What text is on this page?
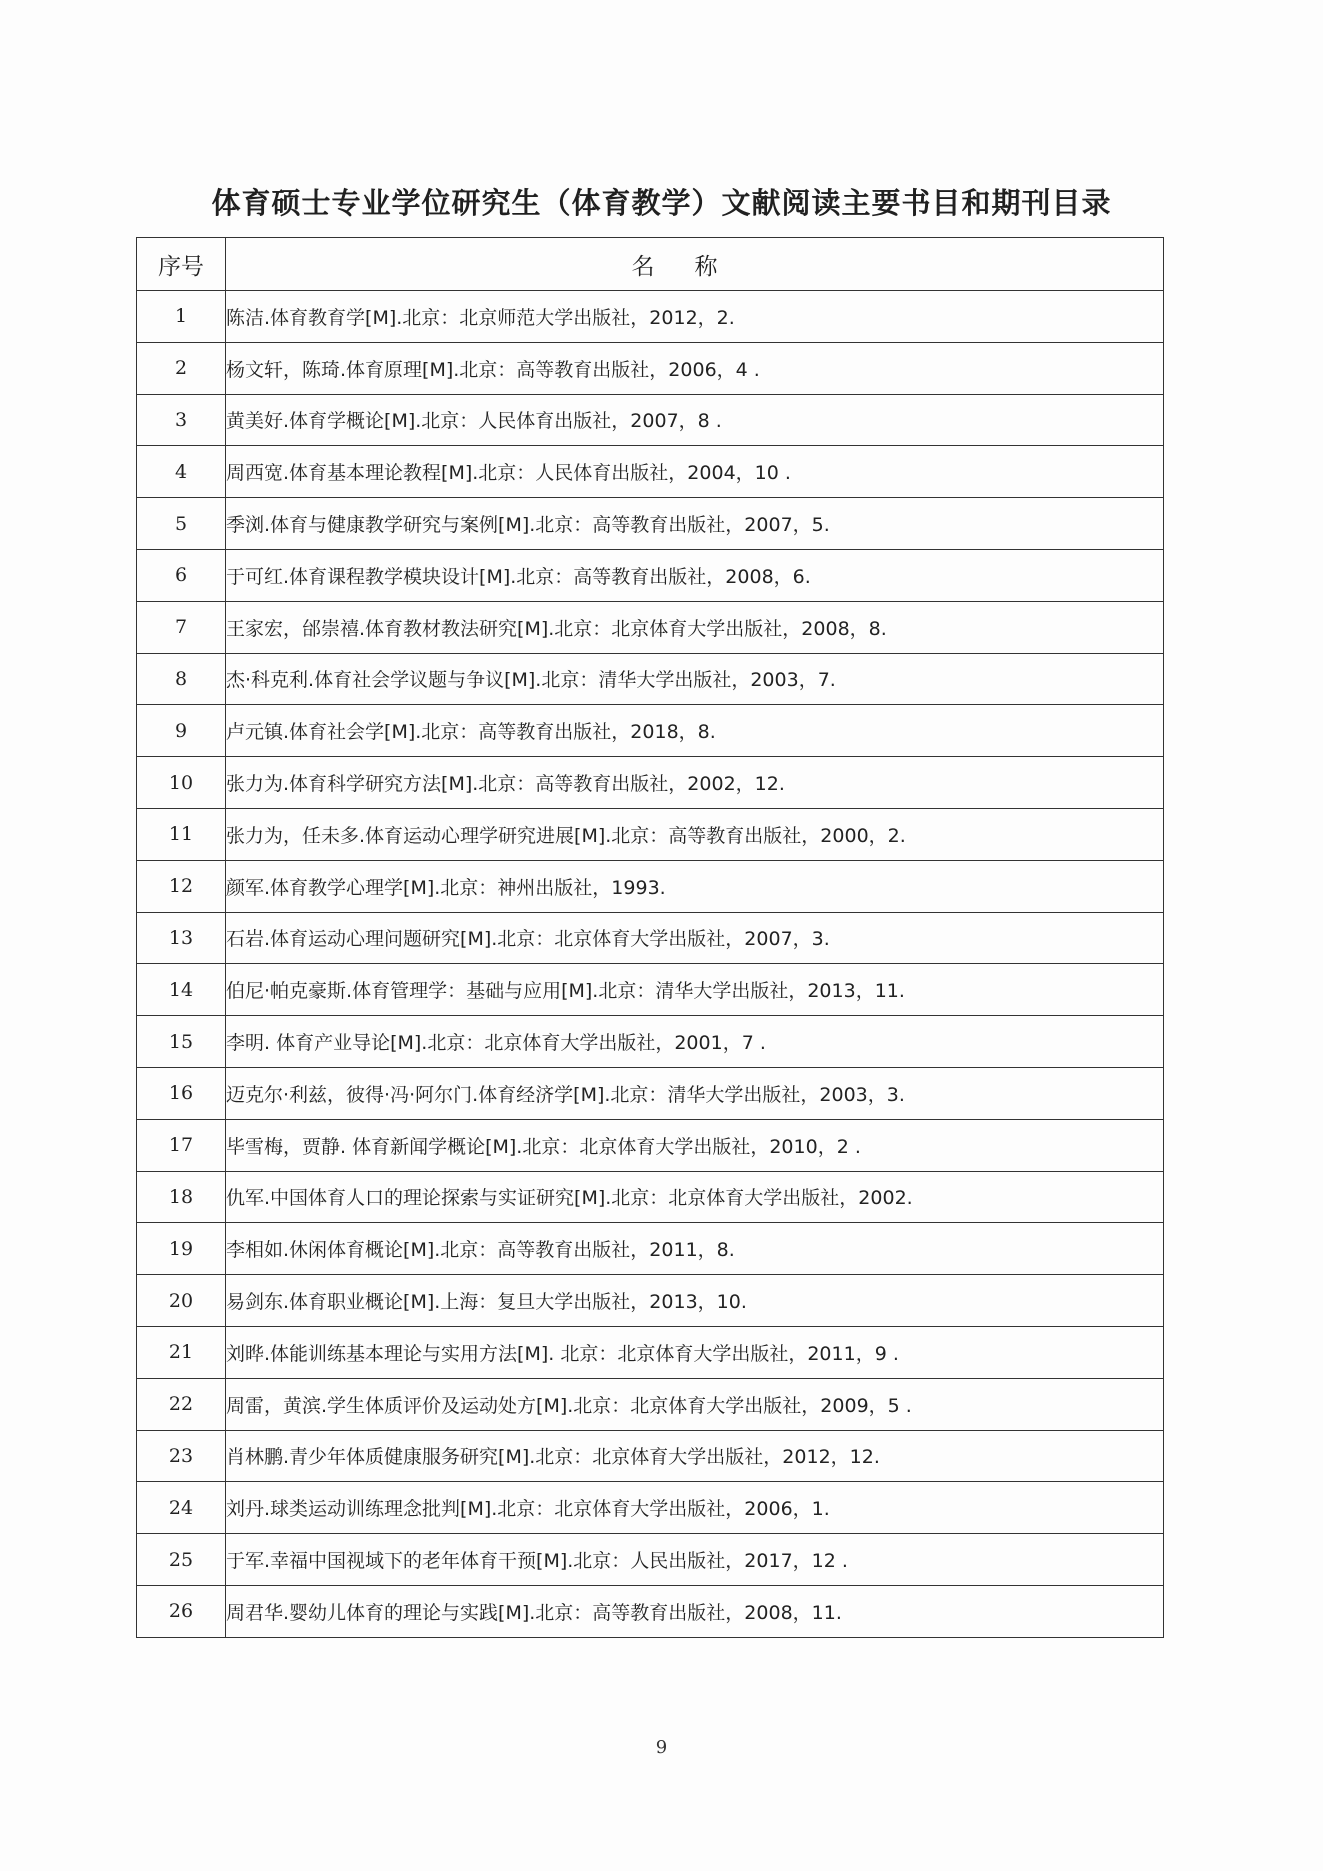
体育硕士专业学位研究生（体育教学）文献阅读主要书目和期刊目录
序号	名称
1	陈洁.体育教育学[M].北京：北京师范大学出版社，2012，2.
2	杨文轩，陈琦.体育原理[M].北京：高等教育出版社，2006，4 .
3	黄美好.体育学概论[M].北京：人民体育出版社，2007，8 .
4	周西宽.体育基本理论教程[M].北京：人民体育出版社，2004，10 .
5	季浏.体育与健康教学研究与案例[M].北京：高等教育出版社，2007，5.
6	于可红.体育课程教学模块设计[M].北京：高等教育出版社，2008，6.
7	王家宏，邰崇禧.体育教材教法研究[M].北京：北京体育大学出版社，2008，8.
8	杰·科克利.体育社会学议题与争议[M].北京：清华大学出版社，2003，7.
9	卢元镇.体育社会学[M].北京：高等教育出版社，2018，8.
10	张力为.体育科学研究方法[M].北京：高等教育出版社，2002，12.
11	张力为，任未多.体育运动心理学研究进展[M].北京：高等教育出版社，2000，2.
12	颜军.体育教学心理学[M].北京：神州出版社，1993.
13	石岩.体育运动心理问题研究[M].北京：北京体育大学出版社，2007，3.
14	伯尼·帕克豪斯.体育管理学：基础与应用[M].北京：清华大学出版社，2013，11.
15	李明. 体育产业导论[M].北京：北京体育大学出版社，2001，7 .
16	迈克尔·利兹，彼得·冯·阿尔门.体育经济学[M].北京：清华大学出版社，2003，3.
17	毕雪梅，贾静. 体育新闻学概论[M].北京：北京体育大学出版社，2010，2 .
18	仇军.中国体育人口的理论探索与实证研究[M].北京：北京体育大学出版社，2002.
19	李相如.休闲体育概论[M].北京：高等教育出版社，2011，8.
20	易剑东.体育职业概论[M].上海：复旦大学出版社，2013，10.
21	刘晔.体能训练基本理论与实用方法[M]. 北京：北京体育大学出版社，2011，9 .
22	周雷，黄滨.学生体质评价及运动处方[M].北京：北京体育大学出版社，2009，5 .
23	肖林鹏.青少年体质健康服务研究[M].北京：北京体育大学出版社，2012，12.
24	刘丹.球类运动训练理念批判[M].北京：北京体育大学出版社，2006，1.
25	于军.幸福中国视域下的老年体育干预[M].北京：人民出版社，2017，12 .
26	周君华.婴幼儿体育的理论与实践[M].北京：高等教育出版社，2008，11.
9
